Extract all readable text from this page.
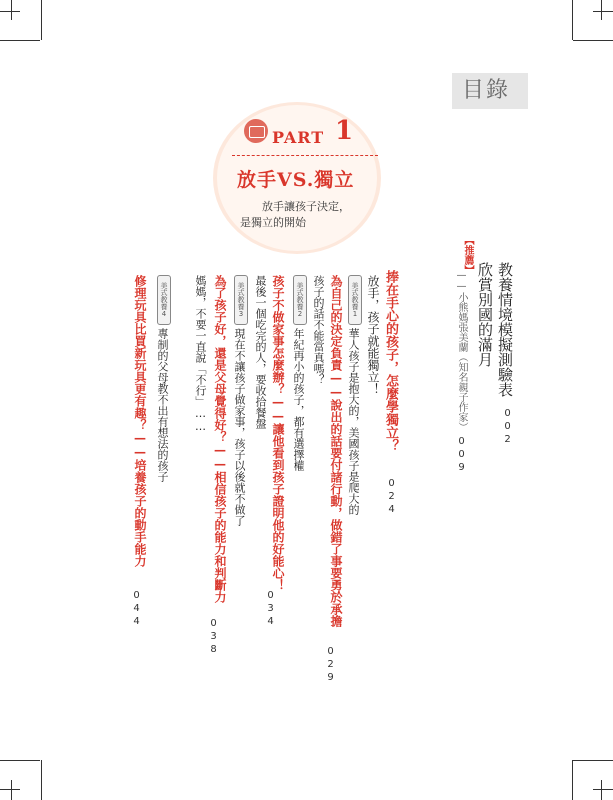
目錄
PART 1
放手VS.獨立
放手讓孩子決定，
是獨立的開始
【推薦】
教養情境模擬測驗表
002
欣賞別國的滿月
——小熊媽張美蘭（知名親子作家）
009
捧在手心的孩子，怎麼學獨立？
024
放手，孩子就能獨立！
美式教養1
華人孩子是抱大的，美國孩子是爬大的
為自己的決定負責——說出的話要付諸行動，做錯了事要勇於承擔
029
孩子的話不能當真嗎？
美式教養2
年紀再小的孩子，都有選擇權
孩子不做家事怎麼辦？——讓他看到孩子證明他的好能心！
034
最後一個吃完的人，要收拾餐盤
美式教養3
現在不讓孩子做家事，孩子以後就不做了
為了孩子好，還是父母覺得好？——相信孩子的能力和判斷力
038
媽媽，不要一直說「不行」……
美式教養4
專制的父母教不出有想法的孩子
修理玩具比買新玩具更有趣？——培養孩子的動手能力
044
